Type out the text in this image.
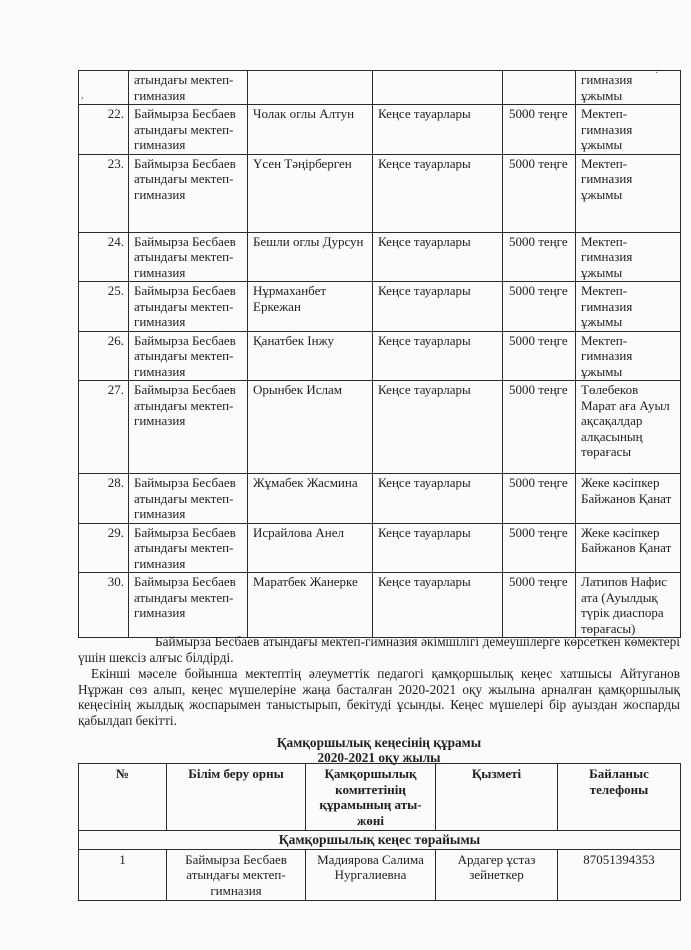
,
·
	атындағы мектеп-гимназия				гимназия ұжымы
22.	Баймырза Бесбаев атындағы мектеп-гимназия	Чолак оглы Алтун	Кеңсе тауарлары	5000 теңге	Мектеп-гимназия ұжымы
23.	Баймырза Бесбаев атындағы мектеп-гимназия	Үсен Тәңірберген	Кеңсе тауарлары	5000 теңге	Мектеп-гимназия ұжымы
24.	Баймырза Бесбаев атындағы мектеп-гимназия	Бешли оглы Дурсун	Кеңсе тауарлары	5000 теңге	Мектеп-гимназия ұжымы
25.	Баймырза Бесбаев атындағы мектеп-гимназия	Нұрмаханбет Еркежан	Кеңсе тауарлары	5000 теңге	Мектеп-гимназия ұжымы
26.	Баймырза Бесбаев атындағы мектеп-гимназия	Қанатбек Інжу	Кеңсе тауарлары	5000 теңге	Мектеп-гимназия ұжымы
27.	Баймырза Бесбаев атындағы мектеп-гимназия	Орынбек Ислам	Кеңсе тауарлары	5000 теңге	Төлебеков Марат аға Ауыл ақсақалдар алқасының төрағасы
28.	Баймырза Бесбаев атындағы мектеп-гимназия	Жұмабек Жасмина	Кеңсе тауарлары	5000 теңге	Жеке кәсіпкер Байжанов Қанат
29.	Баймырза Бесбаев атындағы мектеп-гимназия	Исрайлова Анел	Кеңсе тауарлары	5000 теңге	Жеке кәсіпкер Байжанов Қанат
30.	Баймырза Бесбаев атындағы мектеп-гимназия	Маратбек Жанерке	Кеңсе тауарлары	5000 теңге	Латипов Нафис ата (Ауылдық түрік диаспора төрағасы)
Баймырза Бесбаев атындағы мектеп-гимназия әкімшілігі демеушілерге көрсеткен көмектері үшін шексіз алғыс білдірді.
Екінші мәселе бойынша мектептің әлеуметтік педагогі қамқоршылық кеңес хатшысы Айтуганов Нұржан сөз алып, кеңес мүшелеріне жаңа басталған 2020-2021 оқу жылына арналған қамқоршылық кеңесінің жылдық жоспарымен таныстырып, бекітуді ұсынды. Кеңес мүшелері бір ауыздан жоспарды қабылдап бекітті.
Қамқоршылық кеңесінің құрамы
2020-2021 оқу жылы
№	Білім беру орны	Қамқоршылық комитетінің құрамының аты-жөні	Қызметі	Байланыс телефоны
Қамқоршылық кеңес төрайымы				
1	Баймырза Бесбаев атындағы мектеп-гимназия	Мадиярова Салима Нургалиевна	Ардагер ұстаз зейнеткер	87051394353
